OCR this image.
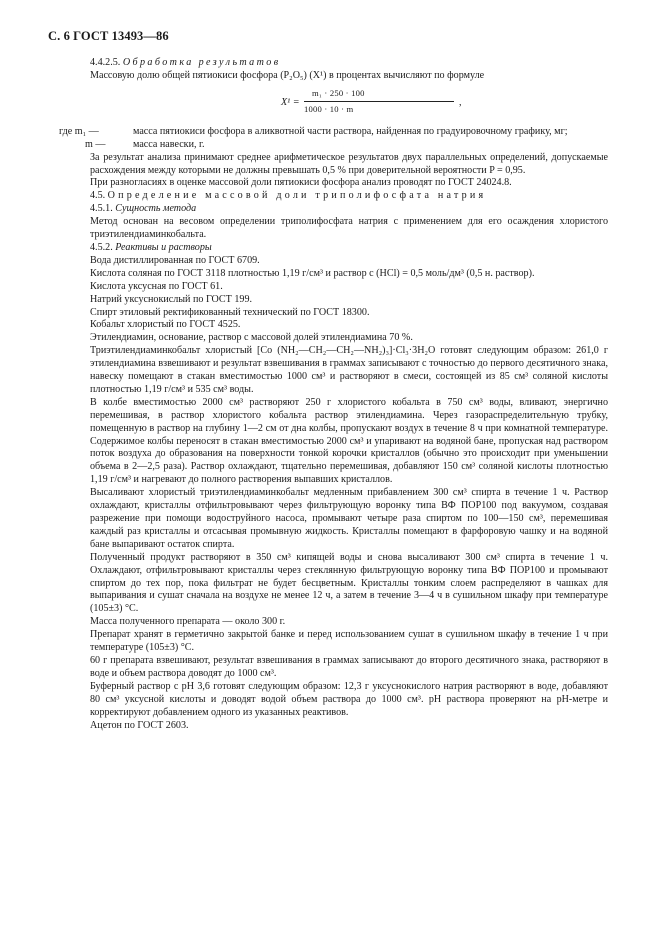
С. 6 ГОСТ 13493—86

4.4.2.5. Обработка результатов

Массовую долю общей пятиокиси фосфора (P₂O₅) (X¹) в процентах вычисляют по формуле

X¹ =
m₁ · 250 · 100
1000 · 10 · m
,
где m₁ —	масса пятиокиси фосфора в аликвотной части раствора, найденная по градуировочному графику, мг;
m —	масса навески, г.

За результат анализа принимают среднее арифметическое результатов двух параллельных определений, допускаемые расхождения между которыми не должны превышать 0,5 % при доверительной вероятности P = 0,95.

При разногласиях в оценке массовой доли пятиокиси фосфора анализ проводят по ГОСТ 24024.8.

4.5. Определение массовой доли триполифосфата натрия

4.5.1. Сущность метода

Метод основан на весовом определении триполифосфата натрия с применением для его осаждения хлористого триэтилендиаминкобальта.

4.5.2. Реактивы и растворы

Вода дистиллированная по ГОСТ 6709.

Кислота соляная по ГОСТ 3118 плотностью 1,19 г/см³ и раствор c (HCl) = 0,5 моль/дм³ (0,5 н. раствор).

Кислота уксусная по ГОСТ 61.

Натрий уксуснокислый по ГОСТ 199.

Спирт этиловый ректификованный технический по ГОСТ 18300.

Кобальт хлористый по ГОСТ 4525.

Этилендиамин, основание, раствор с массовой долей этилендиамина 70 %.

Триэтилендиаминкобальт хлористый [Co (NH₂—CH₂—CH₂—NH₂)₃]·Cl₃·3H₂O готовят следующим образом: 261,0 г этилендиамина взвешивают и результат взвешивания в граммах записывают с точностью до первого десятичного знака, навеску помещают в стакан вместимостью 1000 см³ и растворяют в смеси, состоящей из 85 см³ соляной кислоты плотностью 1,19 г/см³ и 535 см³ воды.

В колбе вместимостью 2000 см³ растворяют 250 г хлористого кобальта в 750 см³ воды, вливают, энергично перемешивая, в раствор хлористого кобальта раствор этилендиамина. Через газораспределительную трубку, помещенную в раствор на глубину 1—2 см от дна колбы, пропускают воздух в течение 8 ч при комнатной температуре. Содержимое колбы переносят в стакан вместимостью 2000 см³ и упаривают на водяной бане, пропуская над раствором поток воздуха до образования на поверхности тонкой корочки кристаллов (обычно это происходит при уменьшении объема в 2—2,5 раза). Раствор охлаждают, тщательно перемешивая, добавляют 150 см³ соляной кислоты плотностью 1,19 г/см³ и нагревают до полного растворения выпавших кристаллов.

Высаливают хлористый триэтилендиаминкобальт медленным прибавлением 300 см³ спирта в течение 1 ч. Раствор охлаждают, кристаллы отфильтровывают через фильтрующую воронку типа ВФ ПОР100 под вакуумом, создавая разрежение при помощи водоструйного насоса, промывают четыре раза спиртом по 100—150 см³, перемешивая каждый раз кристаллы и отсасывая промывную жидкость. Кристаллы помещают в фарфоровую чашку и на водяной бане выпаривают остаток спирта.

Полученный продукт растворяют в 350 см³ кипящей воды и снова высаливают 300 см³ спирта в течение 1 ч. Охлаждают, отфильтровывают кристаллы через стеклянную фильтрующую воронку типа ВФ ПОР100 и промывают спиртом до тех пор, пока фильтрат не будет бесцветным. Кристаллы тонким слоем распределяют в чашках для выпаривания и сушат сначала на воздухе не менее 12 ч, а затем в течение 3—4 ч в сушильном шкафу при температуре (105±3) °С.

Масса полученного препарата — около 300 г.

Препарат хранят в герметично закрытой банке и перед использованием сушат в сушильном шкафу в течение 1 ч при температуре (105±3) °С.

60 г препарата взвешивают, результат взвешивания в граммах записывают до второго десятичного знака, растворяют в воде и объем раствора доводят до 1000 см³.

Буферный раствор с pH 3,6 готовят следующим образом: 12,3 г уксуснокислого натрия растворяют в воде, добавляют 80 см³ уксусной кислоты и доводят водой объем раствора до 1000 см³. pH раствора проверяют на pH-метре и корректируют добавлением одного из указанных реактивов.

Ацетон по ГОСТ 2603.
